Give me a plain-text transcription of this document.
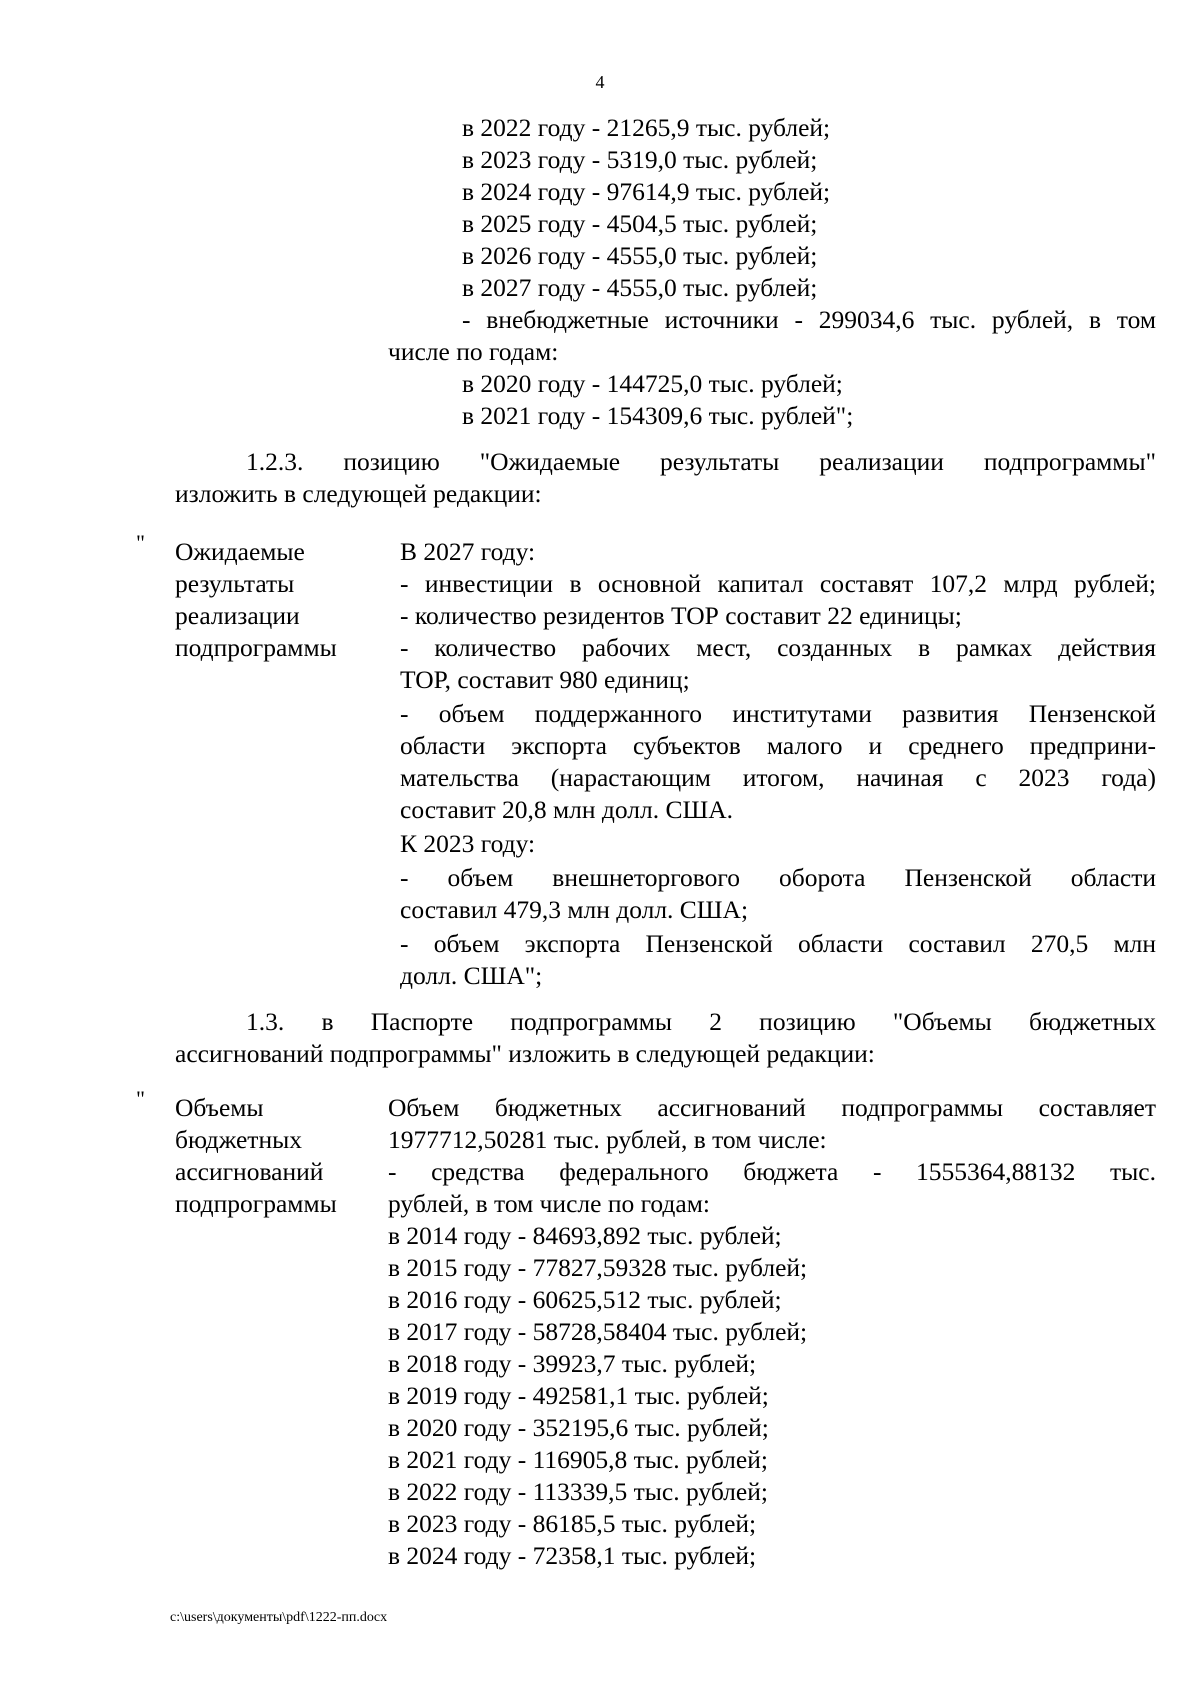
4
в 2022 году - 21265,9 тыс. рублей;
в 2023 году - 5319,0 тыс. рублей;
в 2024 году - 97614,9 тыс. рублей;
в 2025 году - 4504,5 тыс. рублей;
в 2026 году - 4555,0 тыс. рублей;
в 2027 году - 4555,0 тыс. рублей;
- внебюджетные источники - 299034,6 тыс. рублей, в том
числе по годам:
в 2020 году - 144725,0 тыс. рублей;
в 2021 году - 154309,6 тыс. рублей";
1.2.3. позицию "Ожидаемые результаты реализации подпрограммы"
изложить в следующей редакции:
" Ожидаемые
результаты
реализации
подпрограммы
В 2027 году:
- инвестиции в основной капитал составят 107,2 млрд рублей;
- количество резидентов ТОР составит 22 единицы;
- количество рабочих мест, созданных в рамках действия
ТОР, составит 980 единиц;
- объем поддержанного институтами развития Пензенской
области экспорта субъектов малого и среднего предприни-
мательства (нарастающим итогом, начиная с 2023 года)
составит 20,8 млн долл. США.
К 2023 году:
- объем внешнеторгового оборота Пензенской области
составил 479,3 млн долл. США;
- объем экспорта Пензенской области составил 270,5 млн
долл. США";
1.3. в Паспорте подпрограммы 2 позицию "Объемы бюджетных
ассигнований подпрограммы" изложить в следующей редакции:
" Объемы
бюджетных
ассигнований
подпрограммы
Объем бюджетных ассигнований подпрограммы составляет
1977712,50281 тыс. рублей, в том числе:
- средства федерального бюджета - 1555364,88132 тыс.
рублей, в том числе по годам:
в 2014 году - 84693,892 тыс. рублей;
в 2015 году - 77827,59328 тыс. рублей;
в 2016 году - 60625,512 тыс. рублей;
в 2017 году - 58728,58404 тыс. рублей;
в 2018 году - 39923,7 тыс. рублей;
в 2019 году - 492581,1 тыс. рублей;
в 2020 году - 352195,6 тыс. рублей;
в 2021 году - 116905,8 тыс. рублей;
в 2022 году - 113339,5 тыс. рублей;
в 2023 году - 86185,5 тыс. рублей;
в 2024 году - 72358,1 тыс. рублей;
c:\users\документы\pdf\1222-пп.docx
